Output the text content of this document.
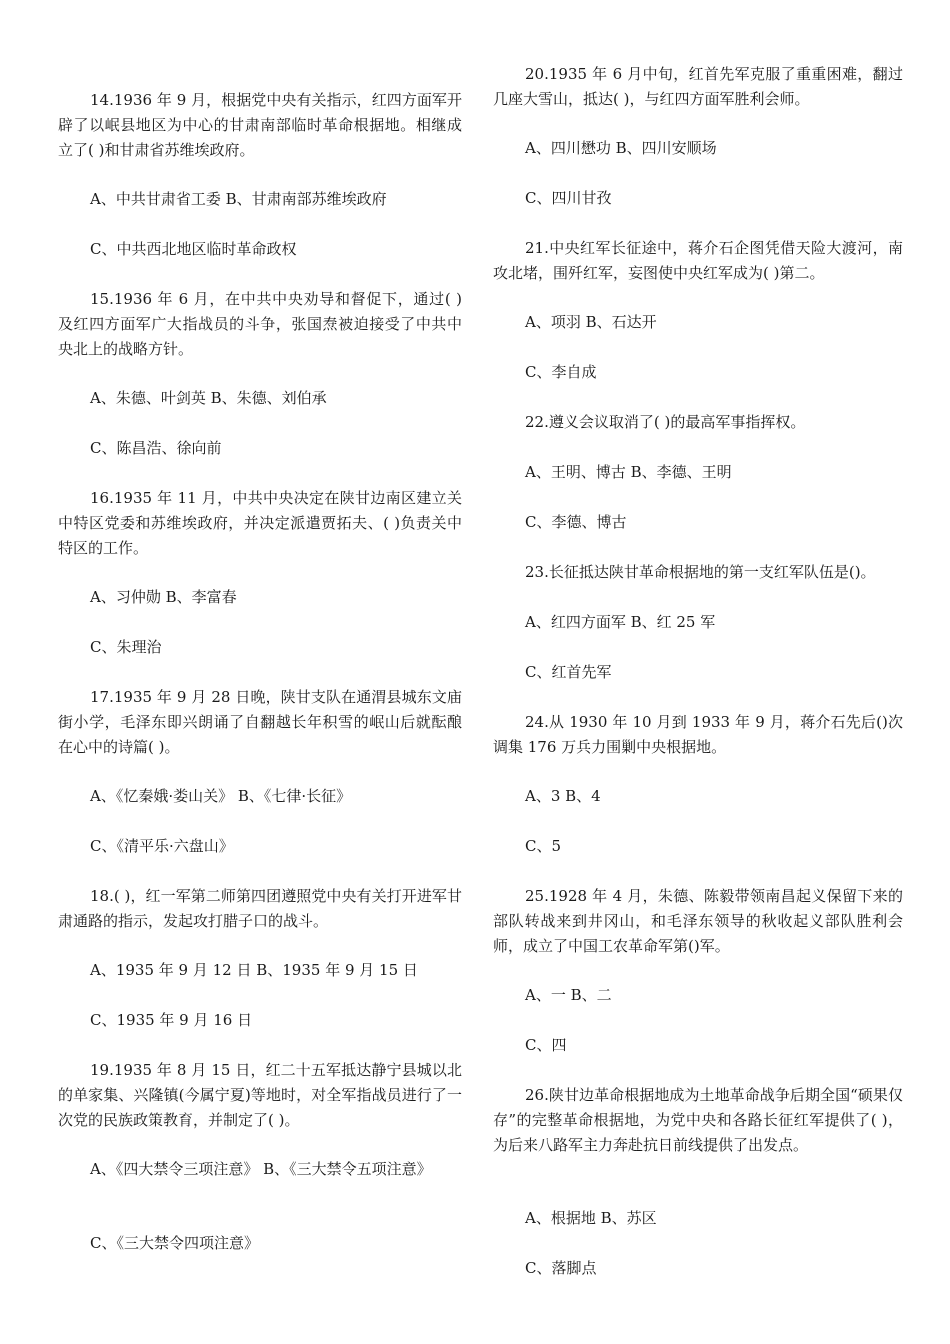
14.1936 年 9 月，根据党中央有关指示，红四方面军开辟了以岷县地区为中心的甘肃南部临时革命根据地。相继成立了( )和甘肃省苏维埃政府。

A、中共甘肃省工委 B、甘肃南部苏维埃政府

C、中共西北地区临时革命政权

15.1936 年 6 月，在中共中央劝导和督促下，通过( )及红四方面军广大指战员的斗争，张国焘被迫接受了中共中央北上的战略方针。

A、朱德、叶剑英 B、朱德、刘伯承

C、陈昌浩、徐向前

16.1935 年 11 月，中共中央决定在陕甘边南区建立关中特区党委和苏维埃政府，并决定派遣贾拓夫、( )负责关中特区的工作。

A、习仲勋 B、李富春

C、朱理治

17.1935 年 9 月 28 日晚，陕甘支队在通渭县城东文庙街小学，毛泽东即兴朗诵了自翻越长年积雪的岷山后就酝酿在心中的诗篇( )。

A、《忆秦娥·娄山关》 B、《七律·长征》

C、《清平乐·六盘山》

18.( )，红一军第二师第四团遵照党中央有关打开进军甘肃通路的指示，发起攻打腊子口的战斗。

A、1935 年 9 月 12 日 B、1935 年 9 月 15 日

C、1935 年 9 月 16 日

19.1935 年 8 月 15 日，红二十五军抵达静宁县城以北的单家集、兴隆镇(今属宁夏)等地时，对全军指战员进行了一次党的民族政策教育，并制定了( )。

A、《四大禁令三项注意》 B、《三大禁令五项注意》

C、《三大禁令四项注意》

20.1935 年 6 月中旬，红首先军克服了重重困难，翻过几座大雪山，抵达( )，与红四方面军胜利会师。

A、四川懋功 B、四川安顺场

C、四川甘孜

21.中央红军长征途中，蒋介石企图凭借天险大渡河，南攻北堵，围歼红军，妄图使中央红军成为( )第二。

A、项羽 B、石达开

C、李自成

22.遵义会议取消了( )的最高军事指挥权。

A、王明、博古 B、李德、王明

C、李德、博古

23.长征抵达陕甘革命根据地的第一支红军队伍是()。

A、红四方面军 B、红 25 军

C、红首先军

24.从 1930 年 10 月到 1933 年 9 月，蒋介石先后()次调集 176 万兵力围剿中央根据地。

A、3 B、4

C、5

25.1928 年 4 月，朱德、陈毅带领南昌起义保留下来的部队转战来到井冈山，和毛泽东领导的秋收起义部队胜利会师，成立了中国工农革命军第()军。

A、一 B、二

C、四

26.陕甘边革命根据地成为土地革命战争后期全国“硕果仅存”的完整革命根据地，为党中央和各路长征红军提供了( )， 为后来八路军主力奔赴抗日前线提供了出发点。

A、根据地 B、苏区

C、落脚点
